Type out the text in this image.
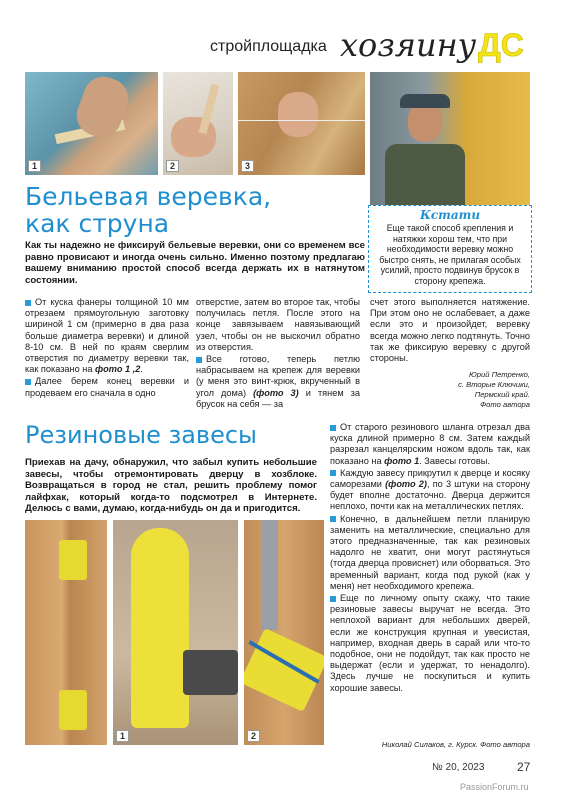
стройплощадка хозяину ДС
1	2	3
Бельевая веревка,
как струна	Кстати
Еще такой способ крепления и натяжки хорош тем, что при необходимости веревку можно быстро снять, не прилагая особых усилий, просто подвинув брусок в сторону крепежа.
Как ты надежно не фиксируй бельевые веревки, они со временем все равно провисают и иногда очень сильно. Именно поэтому предлагаю вашему вниманию простой способ всегда держать их в натянутом состоянии.

От куска фанеры толщиной 10 мм отрезаем прямоугольную заготовку шириной 1 см (примерно в два раза больше диаметра веревки) и длиной 8-10 см. В ней по краям сверлим отверстия по диаметру веревки так, как показано на фото 1 ,2.

Далее берем конец веревки и продеваем его сначала в одно

отверстие, затем во второе так, чтобы получилась петля. После этого на конце завязываем навязывающий узел, чтобы он не выскочил обратно из отверстия.

Все готово, теперь петлю набрасываем на крепеж для веревки (у меня это винт-крюк, вкрученный в угол дома) (фото 3) и тянем за брусок на себя — за

счет этого выполняется натяжение. При этом оно не ослабевает, а даже если это и произойдет, веревку всегда можно легко подтянуть. Точно так же фиксирую веревку с другой стороны.

Юрий Петренко,
с. Вторые Ключики,
Пермский край.
Фото автора
Резиновые завесы
Приехав на дачу, обнаружил, что забыл купить небольшие завесы, чтобы отремонтировать дверцу в хозблоке. Возвращаться в город не стал, решить проблему помог лайфхак, который когда-то подсмотрел в Интернете. Делюсь с вами, думаю, когда-нибудь он да и пригодится.
1	2

От старого резинового шланга отрезал два куска длиной примерно 8 см. Затем каждый разрезал канцелярским ножом вдоль так, как показано на фото 1. Завесы готовы.

Каждую завесу прикрутил к дверце и косяку саморезами (фото 2), по 3 штуки на сторону будет вполне достаточно. Дверца держится неплохо, почти как на металлических петлях.

Конечно, в дальнейшем петли планирую заменить на металлические, специально для этого предназначенные, так как резиновых надолго не хватит, они могут растянуться (тогда дверца провиснет) или оборваться. Это временный вариант, когда под рукой (как у меня) нет необходимого крепежа.

Еще по личному опыту скажу, что такие резиновые завесы выручат не всегда. Это неплохой вариант для небольших дверей, если же конструкция крупная и увесистая, например, входная дверь в сарай или что-то подобное, они не подойдут, так как просто не выдержат (если и удержат, то ненадолго). Здесь лучше не поскупиться и купить хорошие завесы.

Николай Силаков, г. Курск. Фото автора
№ 20, 2023	27
PassionForum.ru
